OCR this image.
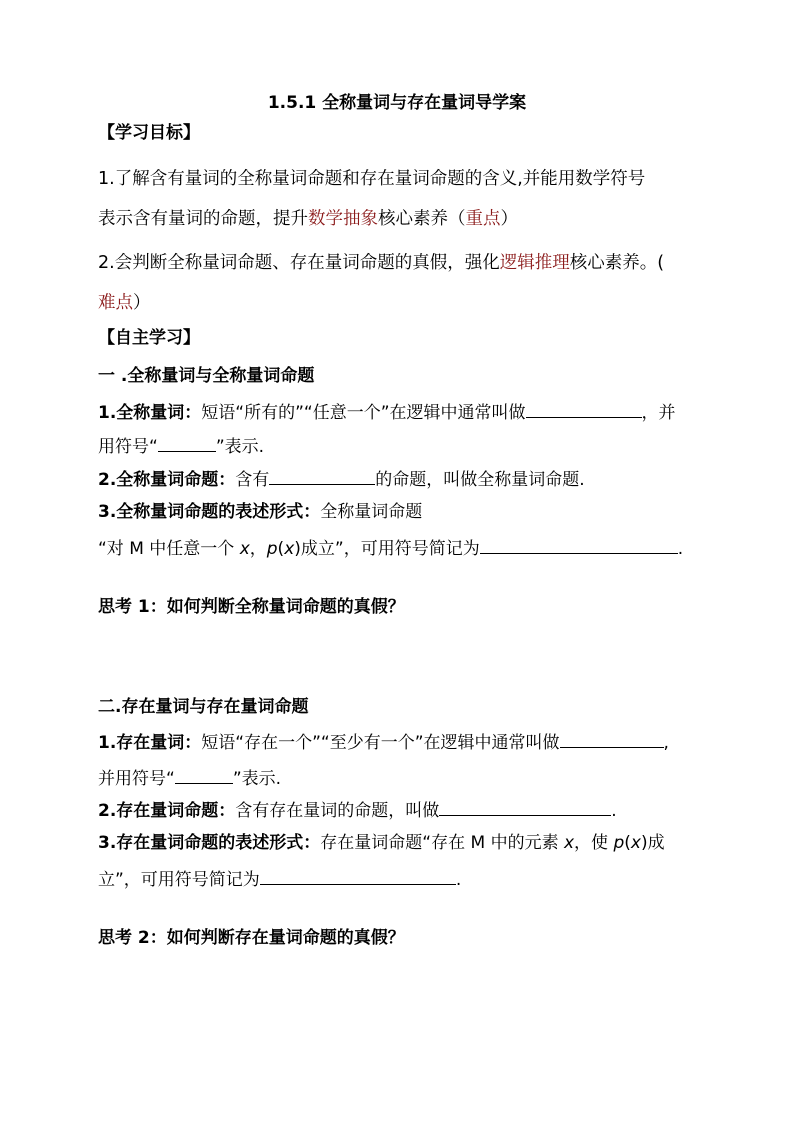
1.5.1 全称量词与存在量词导学案
【学习目标】
1.了解含有量词的全称量词命题和存在量词命题的含义,并能用数学符号
表示含有量词的命题，提升数学抽象核心素养（重点）
2.会判断全称量词命题、存在量词命题的真假，强化逻辑推理核心素养。(
难点）
【自主学习】
一 .全称量词与全称量词命题
1.全称量词：短语“所有的”“任意一个”在逻辑中通常叫做	，并
用符号“	”表示.
2.全称量词命题：含有	的命题，叫做全称量词命题.
3.全称量词命题的表述形式：全称量词命题
“对 M 中任意一个 x，p(x)成立”，可用符号简记为	.
思考 1：如何判断全称量词命题的真假？
二.存在量词与存在量词命题
1.存在量词：短语“存在一个”“至少有一个”在逻辑中通常叫做	,
并用符号“	”表示.
2.存在量词命题：含有存在量词的命题，叫做	.
3.存在量词命题的表述形式：存在量词命题“存在 M 中的元素 x，使 p(x)成
立”，可用符号简记为	.
思考 2：如何判断存在量词命题的真假？
